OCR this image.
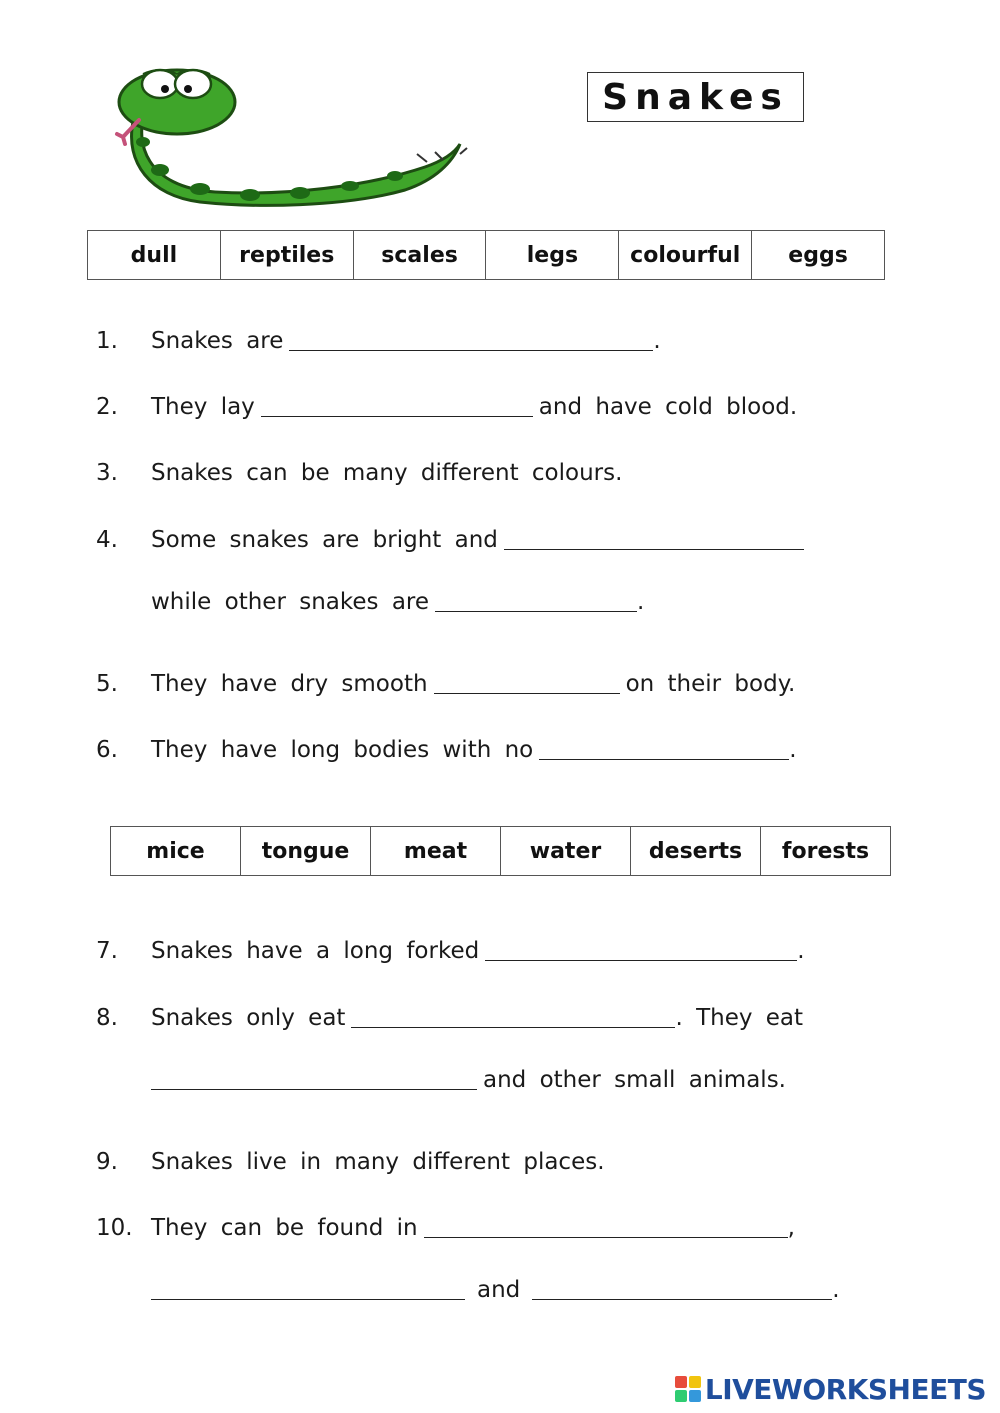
Snakes
dull	reptiles	scales	legs	colourful	eggs
1.	Snakes are	.
2.	They lay	and have cold blood.
3.	Snakes can be many different colours.
4.	Some snakes are bright and
while other snakes are	.
5.	They have dry smooth	on their body.
6.	They have long bodies with no	.
mice	tongue	meat	water	deserts	forests
7.	Snakes have a long forked	.
8.	Snakes only eat	. They eat
and other small animals.
9.	Snakes live in many different places.
10. They can be found in	,
and	.
LIVEWORKSHEETS
